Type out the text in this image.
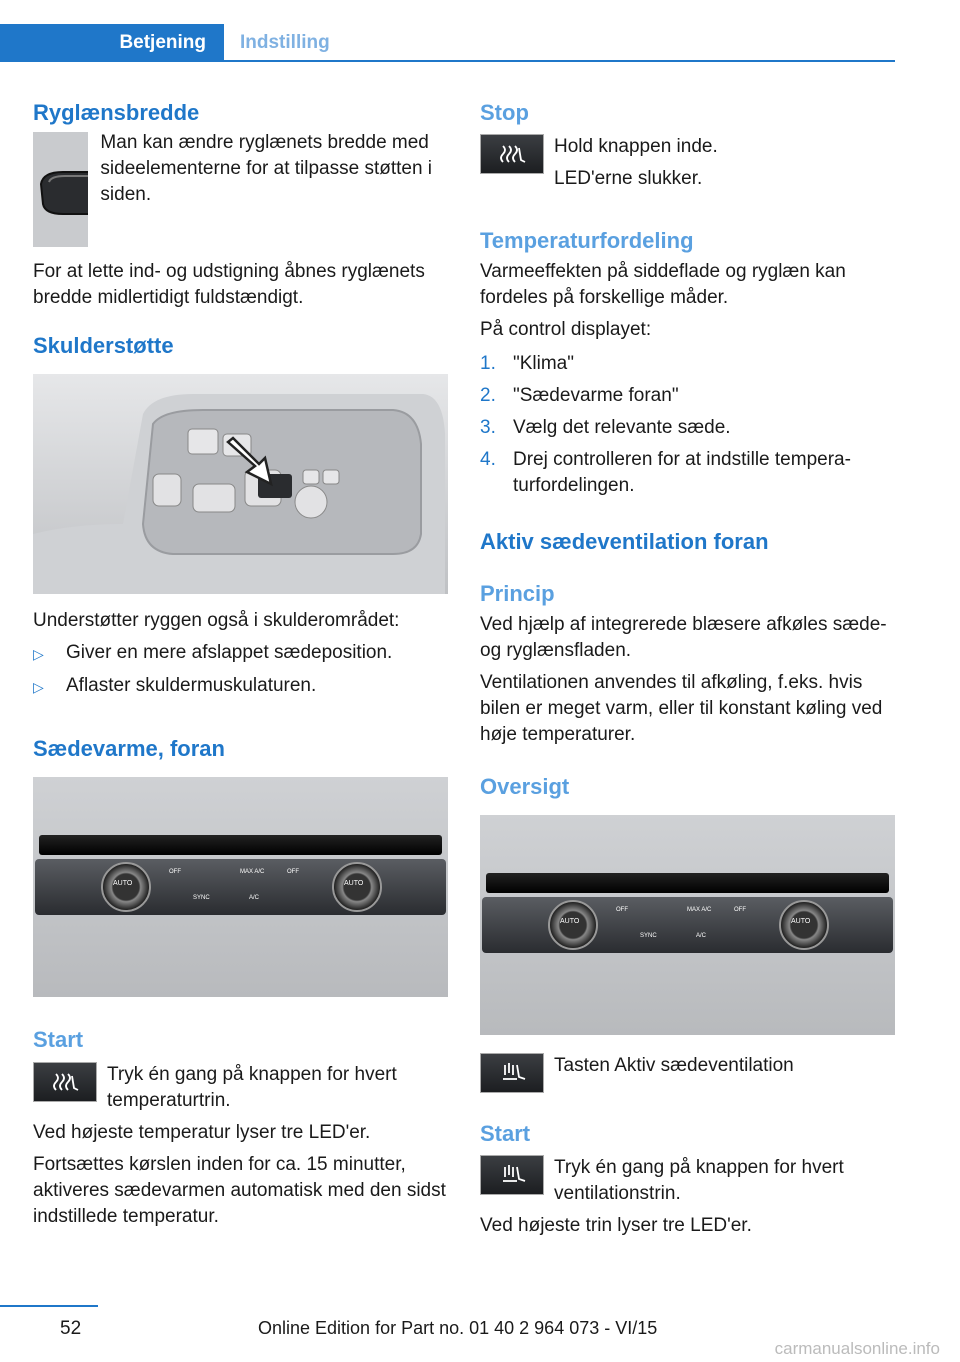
Betjening	Indstilling
Ryglænsbredde

Man kan ændre ryglænets bredde med sideelementerne for at tilpasse støtten i siden.

For at lette ind- og udstigning åbnes ryglænets bredde midlertidigt fuldstændigt.

Skulderstøtte

Understøtter ryggen også i skulderområdet:

▷	Giver en mere afslappet sædeposition.
▷	Aflaster skuldermuskulaturen.
Sædevarme, foran
AUTO	AUTO
OFF	MAX A/C	OFF
SYNC	A/C
Start

Tryk én gang på knappen for hvert temperaturtrin.

Ved højeste temperatur lyser tre LED'er.

Fortsættes kørslen inden for ca. 15 minutter, aktiveres sædevarmen automatisk med den sidst indstillede temperatur.

Stop

Hold knappen inde.

LED'erne slukker.

Temperaturfordeling

Varmeeffekten på siddeflade og ryglæn kan fordeles på forskellige måder.

På control displayet:

1. "Klima"
2. "Sædevarme foran"
3. Vælg det relevante sæde.
4. Drej controlleren for at indstille tempera-turfordelingen.
Aktiv sædeventilation foran
Princip

Ved hjælp af integrerede blæsere afkøles sæde- og ryglænsfladen.

Ventilationen anvendes til afkøling, f.eks. hvis bilen er meget varm, eller til konstant køling ved høje temperaturer.

Oversigt
AUTO	AUTO
OFF	MAX A/C	OFF
SYNC	A/C

Tasten Aktiv sædeventilation

Start

Tryk én gang på knappen for hvert ventilationstrin.

Ved højeste trin lyser tre LED'er.

52	Online Edition for Part no. 01 40 2 964 073 - VI/15
carmanualsonline.info
